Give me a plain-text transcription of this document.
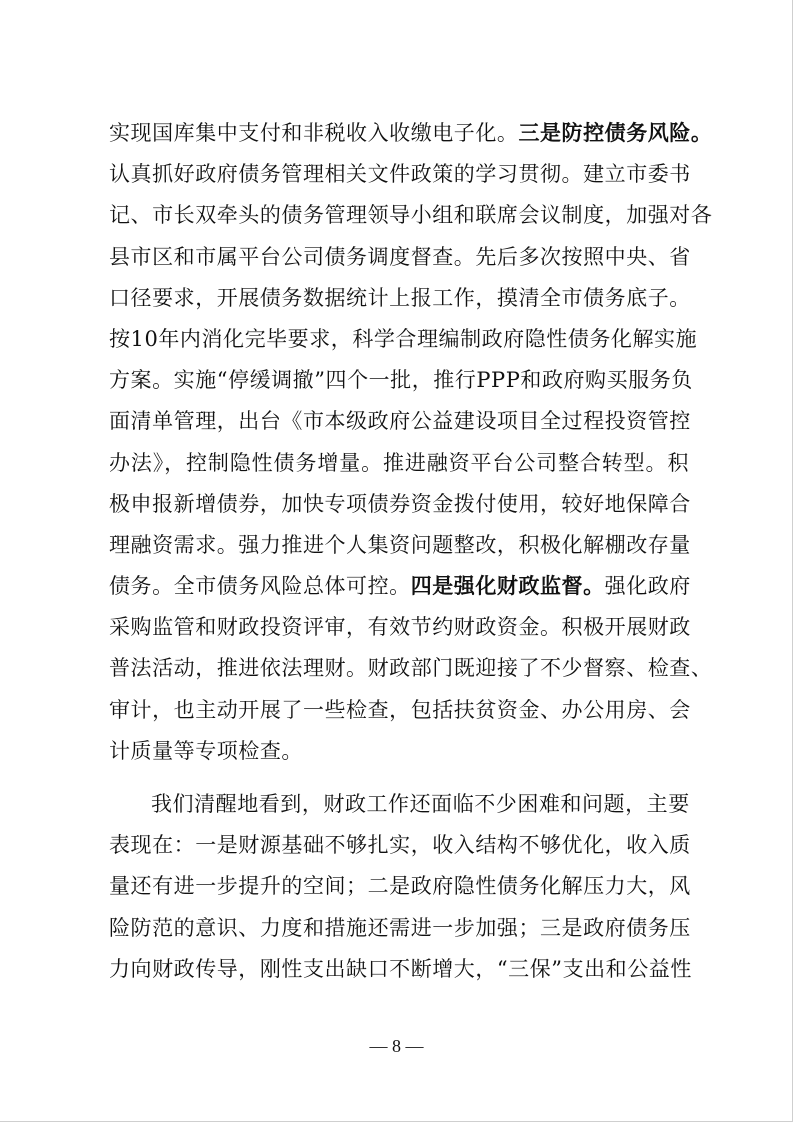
实现国库集中支付和非税收入收缴电子化。三是防控债务风险。
认真抓好政府债务管理相关文件政策的学习贯彻。建立市委书
记、市长双牵头的债务管理领导小组和联席会议制度，加强对各
县市区和市属平台公司债务调度督查。先后多次按照中央、省
口径要求，开展债务数据统计上报工作，摸清全市债务底子。
按10年内消化完毕要求，科学合理编制政府隐性债务化解实施
方案。实施“停缓调撤”四个一批，推行PPP和政府购买服务负
面清单管理，出台《市本级政府公益建设项目全过程投资管控
办法》，控制隐性债务增量。推进融资平台公司整合转型。积
极申报新增债券，加快专项债券资金拨付使用，较好地保障合
理融资需求。强力推进个人集资问题整改，积极化解棚改存量
债务。全市债务风险总体可控。四是强化财政监督。强化政府
采购监管和财政投资评审，有效节约财政资金。积极开展财政
普法活动，推进依法理财。财政部门既迎接了不少督察、检查、
审计，也主动开展了一些检查，包括扶贫资金、办公用房、会
计质量等专项检查。
我们清醒地看到，财政工作还面临不少困难和问题，主要
表现在：一是财源基础不够扎实，收入结构不够优化，收入质
量还有进一步提升的空间；二是政府隐性债务化解压力大，风
险防范的意识、力度和措施还需进一步加强；三是政府债务压
力向财政传导，刚性支出缺口不断增大，“三保”支出和公益性
— 8 —
